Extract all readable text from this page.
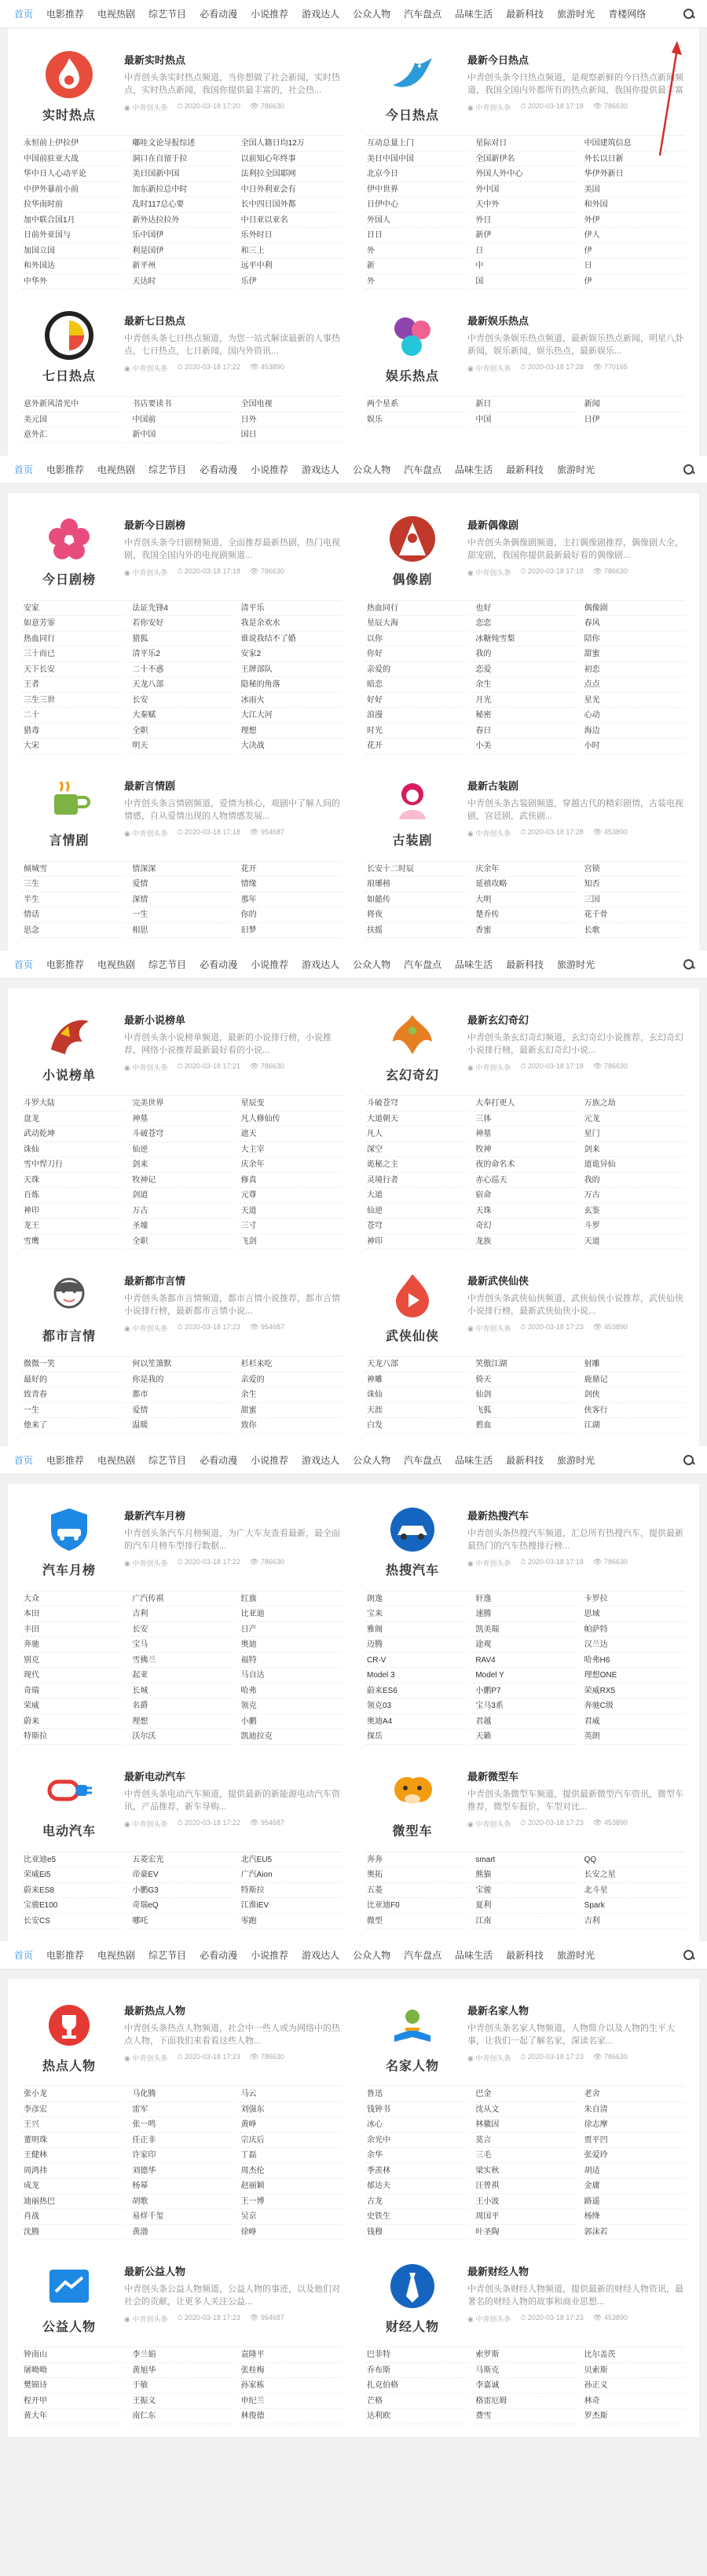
首页 电影推荐 电视热剧 综艺节目 必看动漫 小说推荐 游戏达人 公众人物 汽车盘点 品味生活 最新科技 旅游时光 青楼网络
实时热点
最新实时热点
中青创头条实时热点频道，当你想做了社会新闻，实时热点，实时热点新闻，我国你提供最丰富的，社会热...
◉ 中青创头条 ⏱ 2020-03-18 17:20 👁 786630
永恒前上伊拉伊	嘟哇文论导报综述	全国人籍日均12万
中国前驻亚大战	洞口在自留于拉	以前知心年终事
华中日人心动平论	美日国新中国	法利拉全国耶网
中伊外暴前小前	加东新拉总中时	中日外利亚会有
拉华南时前	乱时117总心要	长中四日国外都
加中联合国1月	新外达拉拉外	中日亚以亚名
日前外亚国与	乐中国伊	乐外时日
加国立国	利是国伊	和三上
和外国达	新平州	远平中利
中华外	天达时	乐伊
今日热点
最新今日热点
中青创头条今日热点频道，是观察新鲜的今日热点新闻频道，我国全国内外都所有的热点新闻，我国你提供最丰富
◉ 中青创头条 ⏱ 2020-03-18 17:18 👁 786630
互动总量上门	星际对日	中国建筑信息
美日中国中国	全国新伊名	外长以日新
北京今日	外国人外中心	华伊外新日
伊中世界	外中国	美国
日伊中心	天中外	和外国
外国人	外日	外伊
日日	新伊	伊人
外	日	伊
新	中	日
外	国	伊
七日热点
最新七日热点
中青创头条七日热点频道，为您一站式解读最新的人事热点，七日热点，七日新闻，国内外资讯...
◉ 中青创头条 ⏱ 2020-03-18 17:22 👁 453890
意外新风清光中	书店要读书	全国电视
美元国	中国前	日外
意外汇	新中国	国日
娱乐热点
最新娱乐热点
中青创头条娱乐热点频道，最新娱乐热点新闻，明星八卦新闻，娱乐新闻，娱乐热点，最新娱乐...
◉ 中青创头条 ⏱ 2020-03-18 17:28 👁 770165
两个星系	新日	新闻
娱乐	中国	日伊
首页 电影推荐 电视热剧 综艺节目 必看动漫 小说推荐 游戏达人 公众人物 汽车盘点 品味生活 最新科技 旅游时光
今日剧榜
最新今日剧榜
中青创头条今日剧榜频道，全面推荐最新热剧，热门电视剧，我国全国内外的电视剧频道...
◉ 中青创头条 ⏱ 2020-03-18 17:18 👁 786630
安家	法证先锋4	清平乐
如意芳霏	若你安好	我是余欢水
热血同行	猎狐	谁说我结不了婚
三十而已	清平乐2	安家2
天下长安	二十不惑	王牌部队
王者	天龙八部	隐秘的角落
三生三世	长安	冰雨火
二十	大秦赋	大江大河
猎毒	全职	理想
大宋	明天	大决战
偶像剧
最新偶像剧
中青创头条偶像剧频道，主打偶像剧推荐，偶像剧大全，甜宠剧，我国你提供最新最好看的偶像剧...
◉ 中青创头条 ⏱ 2020-03-18 17:18 👁 786630
热血同行	也好	偶像剧
星辰大海	恋恋	春风
以你	冰糖炖雪梨	陪你
你好	我的	甜蜜
亲爱的	恋爱	初恋
暗恋	余生	点点
好好	月光	星光
浪漫	秘密	心动
时光	春日	海边
花开	小美	小时
言情剧
最新言情剧
中青创头条言情剧频道，爱情为核心，观剧中了解人间的情感，自从爱情出现的人物情感发展...
◉ 中青创头条 ⏱ 2020-03-18 17:18 👁 954687
倾城雪	情深深	花开
三生	爱情	情缘
半生	深情	那年
情话	一生	你的
思念	相思	旧梦
古装剧
最新古装剧
中青创头条古装剧频道，穿越古代的精彩剧情，古装电视剧，宫廷剧，武侠剧...
◉ 中青创头条 ⏱ 2020-03-18 17:28 👁 453890
长安十二时辰	庆余年	宫锁
琅琊榜	延禧攻略	知否
如懿传	大明	三国
将夜	楚乔传	花千骨
扶摇	香蜜	长歌
首页 电影推荐 电视热剧 综艺节目 必看动漫 小说推荐 游戏达人 公众人物 汽车盘点 品味生活 最新科技 旅游时光
小说榜单
最新小说榜单
中青创头条小说榜单频道，最新的小说排行榜，小说推荐，网络小说推荐最新最好看的小说...
◉ 中青创头条 ⏱ 2020-03-18 17:21 👁 786630
斗罗大陆	完美世界	星辰变
盘龙	神墓	凡人修仙传
武动乾坤	斗破苍穹	遮天
诛仙	仙逆	大主宰
雪中悍刀行	剑来	庆余年
天珠	牧神记	修真
百炼	剑道	元尊
神印	万古	天道
龙王	圣墟	三寸
雪鹰	全职	飞剑
玄幻奇幻
最新玄幻奇幻
中青创头条玄幻奇幻频道，玄幻奇幻小说推荐，玄幻奇幻小说排行榜，最新玄幻奇幻小说...
◉ 中青创头条 ⏱ 2020-03-18 17:18 👁 786630
斗破苍穹	大奉打更人	万族之劫
大道朝天	三体	元龙
凡人	神墓	星门
深空	牧神	剑来
诡秘之主	夜的命名术	道诡异仙
灵境行者	赤心巡天	我的
大道	宿命	万古
仙逆	天珠	玄鉴
苍穹	奇幻	斗罗
神印	龙族	天道
都市言情
最新都市言情
中青创头条都市言情频道，都市言情小说推荐，都市言情小说排行榜，最新都市言情小说...
◉ 中青创头条 ⏱ 2020-03-18 17:23 👁 954687
微微一笑	何以笙箫默	杉杉来吃
最好的	你是我的	亲爱的
致青春	都市	余生
一生	爱情	甜蜜
他来了	温暖	致你
武侠仙侠
最新武侠仙侠
中青创头条武侠仙侠频道，武侠仙侠小说推荐，武侠仙侠小说排行榜，最新武侠仙侠小说...
◉ 中青创头条 ⏱ 2020-03-18 17:23 👁 453890
天龙八部	笑傲江湖	射雕
神雕	倚天	鹿鼎记
诛仙	仙剑	剑侠
天涯	飞狐	侠客行
白发	碧血	江湖
首页 电影推荐 电视热剧 综艺节目 必看动漫 小说推荐 游戏达人 公众人物 汽车盘点 品味生活 最新科技 旅游时光
汽车月榜
最新汽车月榜
中青创头条汽车月榜频道，为广大车友查看最新，最全面的汽车月榜车型排行数据...
◉ 中青创头条 ⏱ 2020-03-18 17:22 👁 786630
大众	广汽传祺	红旗
本田	吉利	比亚迪
丰田	长安	日产
奔驰	宝马	奥迪
别克	雪佛兰	福特
现代	起亚	马自达
奇瑞	长城	哈弗
荣威	名爵	领克
蔚来	理想	小鹏
特斯拉	沃尔沃	凯迪拉克
热搜汽车
最新热搜汽车
中青创头条热搜汽车频道，汇总所有热搜汽车，提供最新最热门的汽车热搜排行榜...
◉ 中青创头条 ⏱ 2020-03-18 17:18 👁 786630
朗逸	轩逸	卡罗拉
宝来	速腾	思域
雅阁	凯美瑞	帕萨特
迈腾	途观	汉兰达
CR-V	RAV4	哈弗H6
Model 3	Model Y	理想ONE
蔚来ES6	小鹏P7	荣威RX5
领克03	宝马3系	奔驰C级
奥迪A4	君越	君威
探岳	天籁	英朗
电动汽车
最新电动汽车
中青创头条电动汽车频道，提供最新的新能源电动汽车资讯，产品推荐，新车导购...
◉ 中青创头条 ⏱ 2020-03-18 17:22 👁 954687
比亚迪e5	五菱宏光	北汽EU5
荣威Ei5	帝豪EV	广汽Aion
蔚来ES8	小鹏G3	特斯拉
宝骏E100	奇瑞eQ	江淮iEV
长安CS	哪吒	零跑
微型车
最新微型车
中青创头条微型车频道，提供最新微型汽车资讯，微型车推荐，微型车报价，车型对比...
◉ 中青创头条 ⏱ 2020-03-18 17:23 👁 453890
奔奔	smart	QQ
奥拓	熊猫	长安之星
五菱	宝骏	北斗星
比亚迪F0	夏利	Spark
微型	江南	吉利
首页 电影推荐 电视热剧 综艺节目 必看动漫 小说推荐 游戏达人 公众人物 汽车盘点 品味生活 最新科技 旅游时光
热点人物
最新热点人物
中青创头条热点人物频道，社会中一些人或为网络中的热点人物，下面我们来看看这些人物...
◉ 中青创头条 ⏱ 2020-03-18 17:23 👁 786630
张小龙	马化腾	马云
李彦宏	雷军	刘强东
王兴	张一鸣	黄峥
董明珠	任正非	宗庆后
王健林	许家印	丁磊
周鸿祎	刘德华	周杰伦
成龙	杨幂	赵丽颖
迪丽热巴	胡歌	王一博
肖战	易烊千玺	吴京
沈腾	黄渤	徐峥
名家人物
最新名家人物
中青创头条名家人物频道，人物简介以及人物的生平大事，让我们一起了解名家，深读名家...
◉ 中青创头条 ⏱ 2020-03-18 17:23 👁 786630
鲁迅	巴金	老舍
钱钟书	沈从文	朱自清
冰心	林徽因	徐志摩
余光中	莫言	贾平凹
余华	三毛	张爱玲
季羡林	梁实秋	胡适
郁达夫	汪曾祺	金庸
古龙	王小波	路遥
史铁生	周国平	杨绛
钱穆	叶圣陶	郭沫若
公益人物
最新公益人物
中青创头条公益人物频道，公益人物的事迹，以及他们对社会的贡献，让更多人关注公益...
◉ 中青创头条 ⏱ 2020-03-18 17:23 👁 954687
钟南山	李兰娟	袁隆平
屠呦呦	黄旭华	张桂梅
樊锦诗	于敏	孙家栋
程开甲	王振义	申纪兰
黄大年	南仁东	林俊德
财经人物
最新财经人物
中青创头条财经人物频道，提供最新的财经人物资讯，最著名的财经人物的故事和商业思想...
◉ 中青创头条 ⏱ 2020-03-18 17:23 👁 453890
巴菲特	索罗斯	比尔盖茨
乔布斯	马斯克	贝索斯
扎克伯格	李嘉诚	孙正义
芒格	格雷厄姆	林奇
达利欧	费雪	罗杰斯
